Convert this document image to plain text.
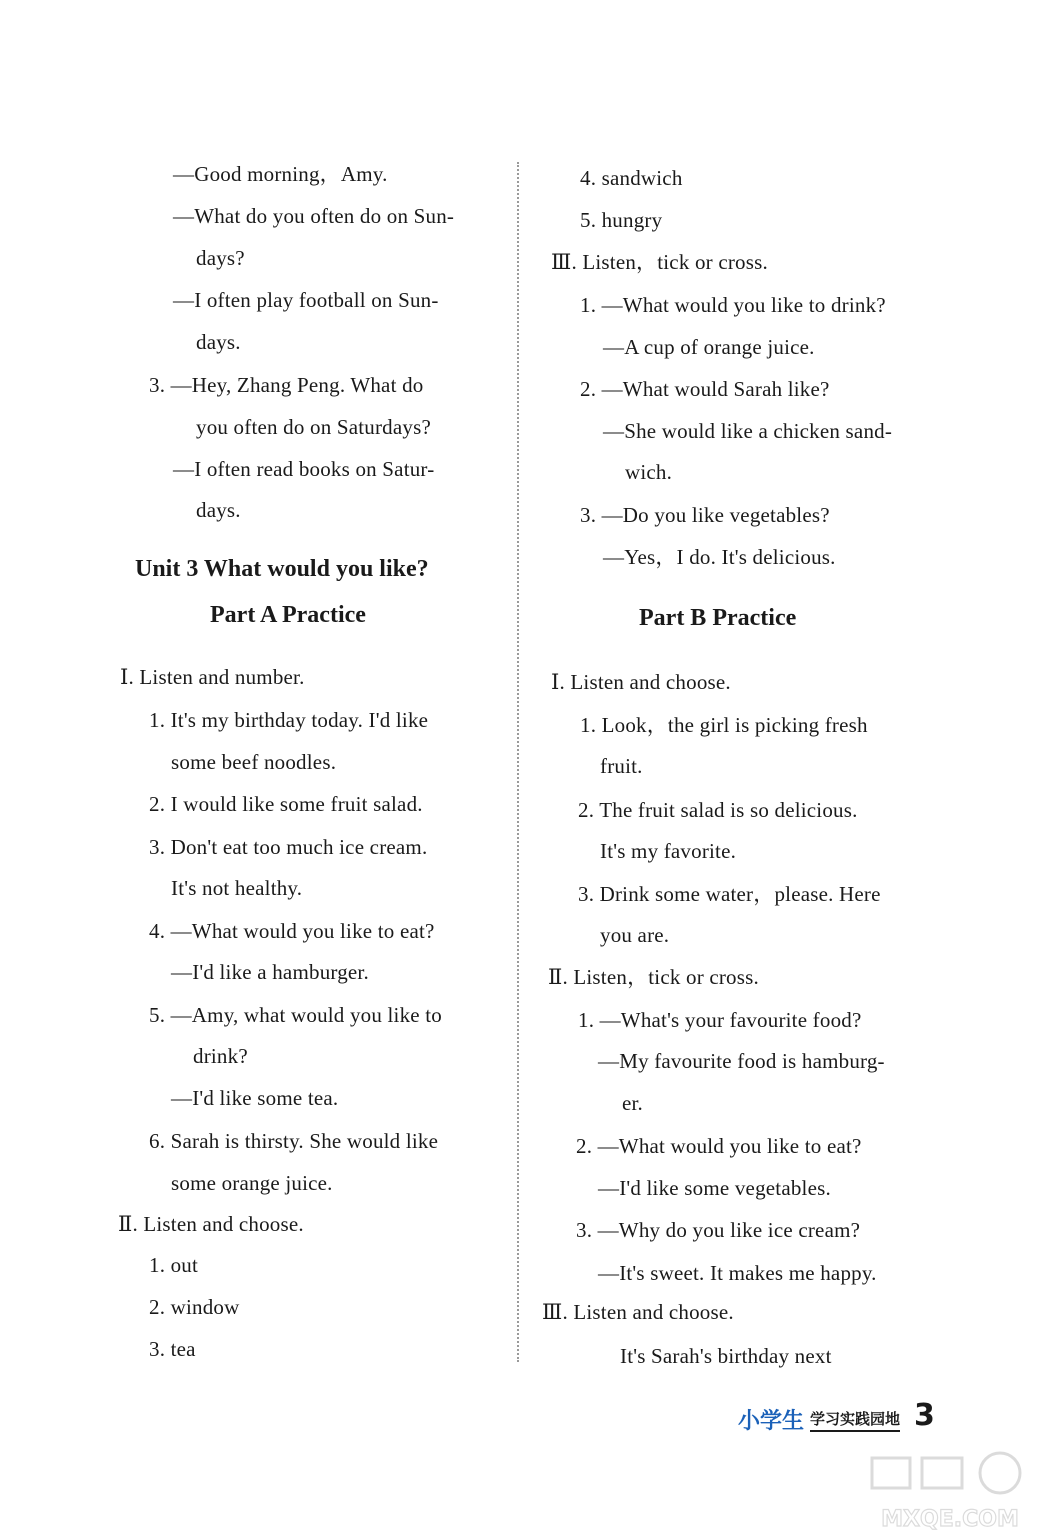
Unit 3 What would you like?
Part A Practice	Part B Practice
—Good morning，Amy.
—What do you often do on Sun-
days?
—I often play football on Sun-
days.
3. —Hey, Zhang Peng. What do
you often do on Saturdays?
—I often read books on Satur-
days.
Ⅰ. Listen and number.
1. It's my birthday today. I'd like
some beef noodles.
2. I would like some fruit salad.
3. Don't eat too much ice cream.
It's not healthy.
4. —What would you like to eat?
—I'd like a hamburger.
5. —Amy, what would you like to
drink?
—I'd like some tea.
6. Sarah is thirsty. She would like
some orange juice.
Ⅱ. Listen and choose.
1. out
2. window
3. tea
4. sandwich
5. hungry
Ⅲ. Listen，tick or cross.
1. —What would you like to drink?
—A cup of orange juice.
2. —What would Sarah like?
—She would like a chicken sand-
wich.
3. —Do you like vegetables?
—Yes，I do. It's delicious.
Ⅰ. Listen and choose.
1. Look，the girl is picking fresh
fruit.
2. The fruit salad is so delicious.
It's my favorite.
3. Drink some water，please. Here
you are.
Ⅱ. Listen，tick or cross.
1. —What's your favourite food?
—My favourite food is hamburg-
er.
2. —What would you like to eat?
—I'd like some vegetables.
3. —Why do you like ice cream?
—It's sweet. It makes me happy.
Ⅲ. Listen and choose.
It's Sarah's birthday next
小学生 学习实践园地 3
MXQE.COM
